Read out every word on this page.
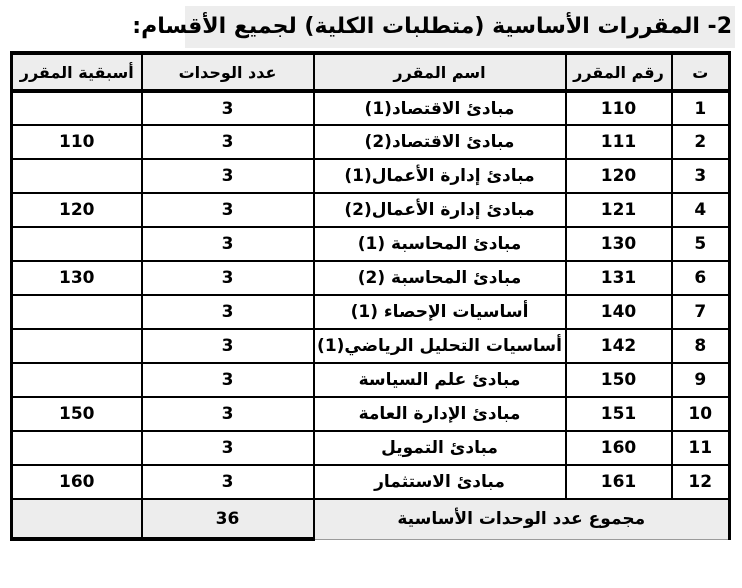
2- المقررات الأساسية (متطلبات الكلية) لجميع الأقسام:
ت	رقم المقرر	اسم المقرر	عدد الوحدات	أسبقية المقرر
1	110	مبادئ الاقتصاد(1)	3	
2	111	مبادئ الاقتصاد(2)	3	110
3	120	مبادئ إدارة الأعمال(1)	3	
4	121	مبادئ إدارة الأعمال(2)	3	120
5	130	مبادئ المحاسبة (1)	3	
6	131	مبادئ المحاسبة (2)	3	130
7	140	أساسيات الإحصاء (1)	3	
8	142	أساسيات التحليل الرياضي(1)	3	
9	150	مبادئ علم السياسة	3	
10	151	مبادئ الإدارة العامة	3	150
11	160	مبادئ التمويل	3	
12	161	مبادئ الاستثمار	3	160
مجموع عدد الوحدات الأساسية			36	
